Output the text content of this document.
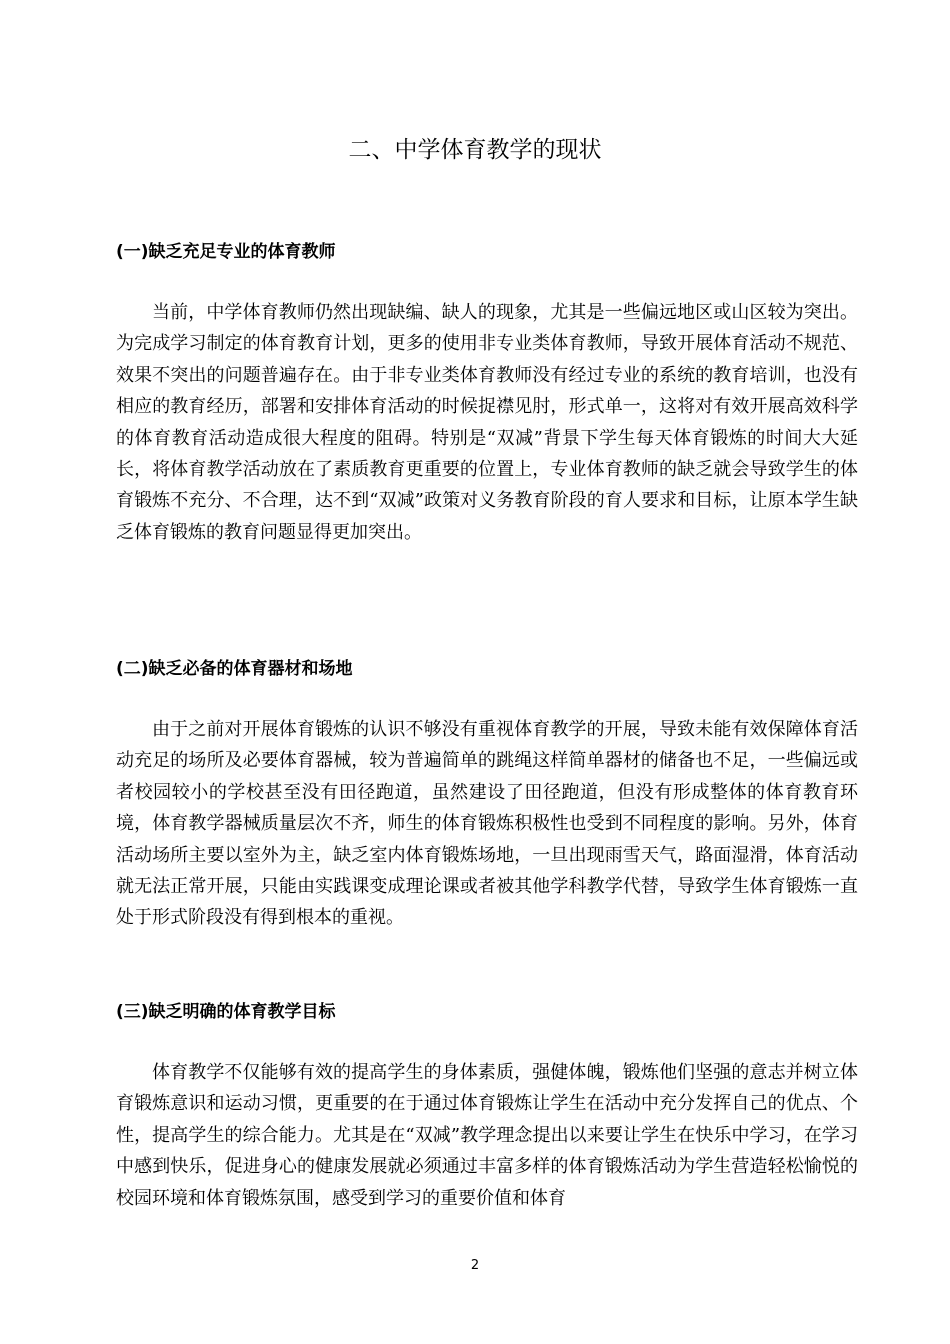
二、中学体育教学的现状
(一)缺乏充足专业的体育教师

当前，中学体育教师仍然出现缺编、缺人的现象，尤其是一些偏远地区或山区较为突出。为完成学习制定的体育教育计划，更多的使用非专业类体育教师，导致开展体育活动不规范、效果不突出的问题普遍存在。由于非专业类体育教师没有经过专业的系统的教育培训，也没有相应的教育经历，部署和安排体育活动的时候捉襟见肘，形式单一，这将对有效开展高效科学的体育教育活动造成很大程度的阻碍。特别是“双减”背景下学生每天体育锻炼的时间大大延长，将体育教学活动放在了素质教育更重要的位置上，专业体育教师的缺乏就会导致学生的体育锻炼不充分、不合理，达不到“双减”政策对义务教育阶段的育人要求和目标，让原本学生缺乏体育锻炼的教育问题显得更加突出。

(二)缺乏必备的体育器材和场地

由于之前对开展体育锻炼的认识不够没有重视体育教学的开展，导致未能有效保障体育活动充足的场所及必要体育器械，较为普遍简单的跳绳这样简单器材的储备也不足，一些偏远或者校园较小的学校甚至没有田径跑道，虽然建设了田径跑道，但没有形成整体的体育教育环境，体育教学器械质量层次不齐，师生的体育锻炼积极性也受到不同程度的影响。另外，体育活动场所主要以室外为主，缺乏室内体育锻炼场地，一旦出现雨雪天气，路面湿滑，体育活动就无法正常开展，只能由实践课变成理论课或者被其他学科教学代替，导致学生体育锻炼一直处于形式阶段没有得到根本的重视。

(三)缺乏明确的体育教学目标

体育教学不仅能够有效的提高学生的身体素质，强健体魄，锻炼他们坚强的意志并树立体育锻炼意识和运动习惯，更重要的在于通过体育锻炼让学生在活动中充分发挥自己的优点、个性，提高学生的综合能力。尤其是在“双减”教学理念提出以来要让学生在快乐中学习，在学习中感到快乐，促进身心的健康发展就必须通过丰富多样的体育锻炼活动为学生营造轻松愉悦的校园环境和体育锻炼氛围，感受到学习的重要价值和体育

2
